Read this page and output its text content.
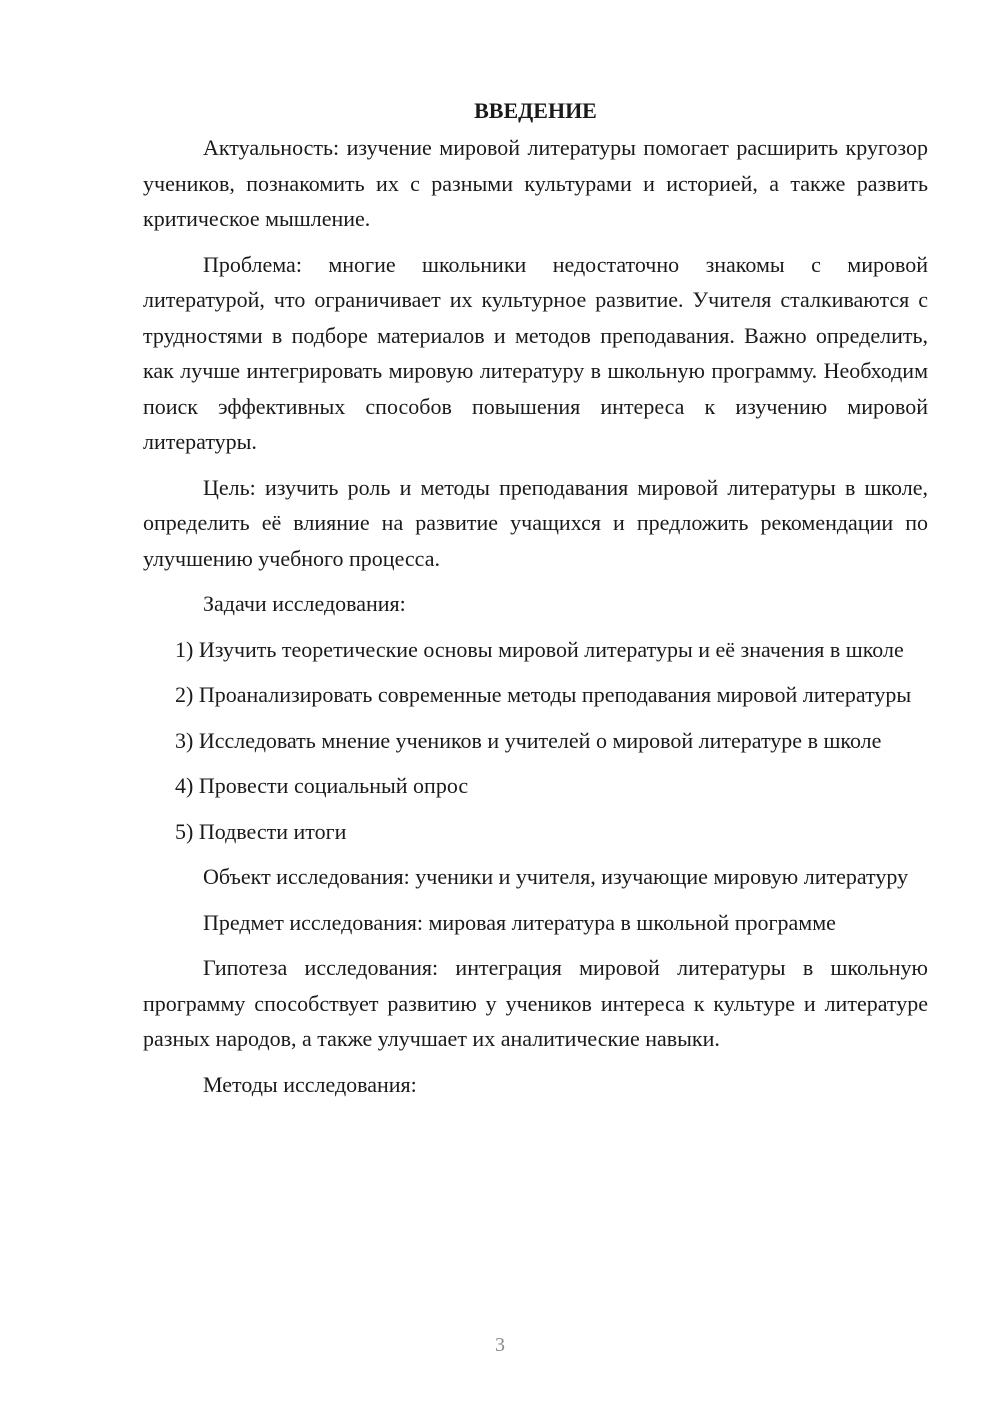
ВВЕДЕНИЕ

Актуальность: изучение мировой литературы помогает расширить кругозор учеников, познакомить их с разными культурами и историей, а также развить критическое мышление.

Проблема: многие школьники недостаточно знакомы с мировой литературой, что ограничивает их культурное развитие. Учителя сталкиваются с трудностями в подборе материалов и методов преподавания. Важно определить, как лучше интегрировать мировую литературу в школьную программу. Необходим поиск эффективных способов повышения интереса к изучению мировой литературы.

Цель: изучить роль и методы преподавания мировой литературы в школе, определить её влияние на развитие учащихся и предложить рекомендации по улучшению учебного процесса.

Задачи исследования:

1) Изучить теоретические основы мировой литературы и её значения в школе

2) Проанализировать современные методы преподавания мировой литературы

3) Исследовать мнение учеников и учителей о мировой литературе в школе

4) Провести социальный опрос

5) Подвести итоги

Объект исследования: ученики и учителя, изучающие мировую литературу

Предмет исследования: мировая литература в школьной программе

Гипотеза исследования: интеграция мировой литературы в школьную программу способствует развитию у учеников интереса к культуре и литературе разных народов, а также улучшает их аналитические навыки.

Методы исследования:

3
